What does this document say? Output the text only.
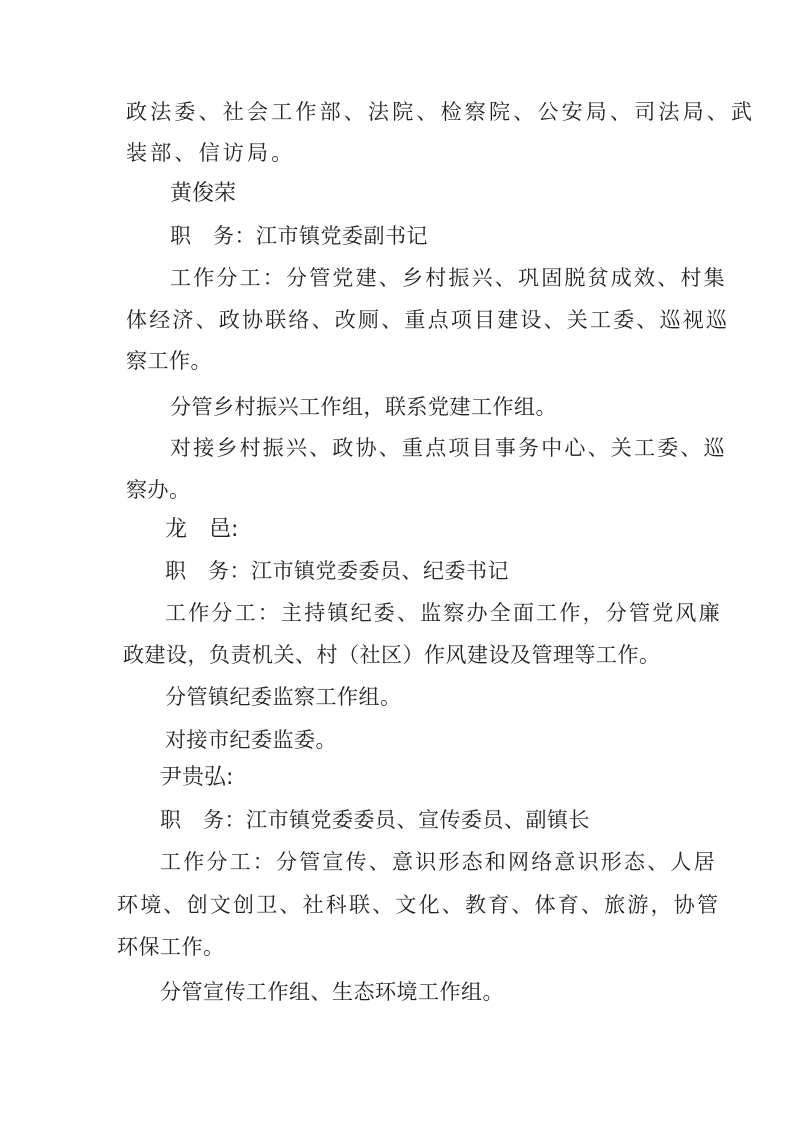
政法委、社会工作部、法院、检察院、公安局、司法局、武
装部、信访局。
黄俊荣
职　务：江市镇党委副书记
工作分工：分管党建、乡村振兴、巩固脱贫成效、村集
体经济、政协联络、改厕、重点项目建设、关工委、巡视巡
察工作。
分管乡村振兴工作组，联系党建工作组。
对接乡村振兴、政协、重点项目事务中心、关工委、巡
察办。
龙　邑:
职　务：江市镇党委委员、纪委书记
工作分工：主持镇纪委、监察办全面工作，分管党风廉
政建设，负责机关、村（社区）作风建设及管理等工作。
分管镇纪委监察工作组。
对接市纪委监委。
尹贵弘:
职　务：江市镇党委委员、宣传委员、副镇长
工作分工：分管宣传、意识形态和网络意识形态、人居
环境、创文创卫、社科联、文化、教育、体育、旅游，协管
环保工作。
分管宣传工作组、生态环境工作组。
